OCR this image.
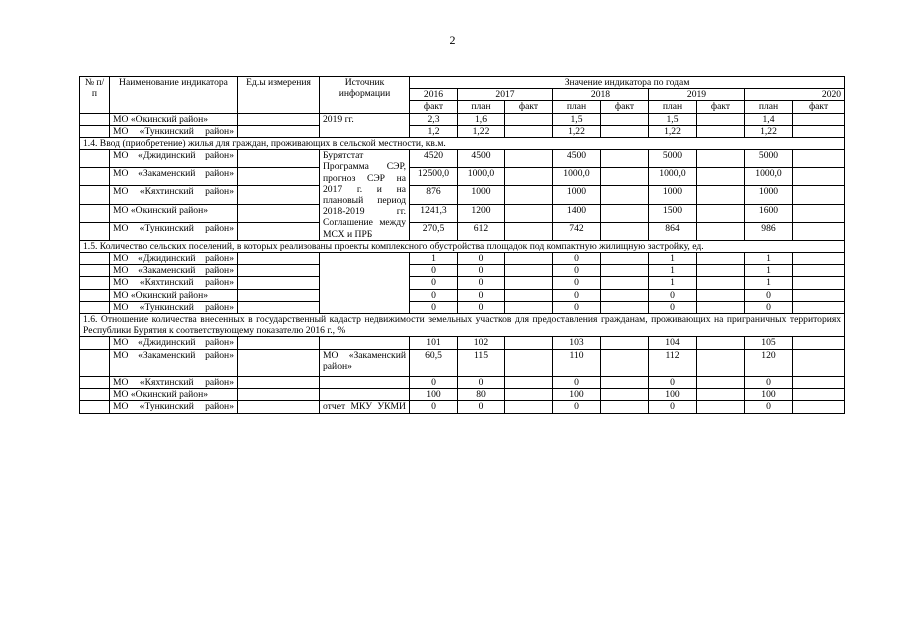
2
№ п/п	Наименование индикатора	Ед.ы измерения	Источник информации	Значение индикатора по годам								
				2016	2017		2018		2019		2020	
				факт	план	факт	план	факт	план	факт	план	факт
	МО «Окинский район»		2019 гг.	2,3	1,6		1,5		1,5		1,4	
	МО «Тункинский район»			1,2	1,22		1,22		1,22		1,22	
1.4. Ввод (приобретение) жилья для граждан, проживающих в сельской местности, кв.м.												
	МО «Джидинский район»		Бурятстат Программа СЭР, прогноз СЭР на 2017 г. и на плановый период 2018-2019 гг. Соглашение между МСХ и ПРБ	4520	4500		4500		5000		5000	
	МО «Закаменский район»			12500,0	1000,0		1000,0		1000,0		1000,0	
	МО «Кяхтинский район»			876	1000		1000		1000		1000	
	МО «Окинский район»			1241,3	1200		1400		1500		1600	
	МО «Тункинский район»			270,5	612		742		864		986	
1.5. Количество сельских поселений, в которых реализованы проекты комплексного обустройства площадок под компактную жилищную застройку, ед.												
	МО «Джидинский район»			1	0		0		1		1	
	МО «Закаменский район»			0	0		0		1		1	
	МО «Кяхтинский район»			0	0		0		1		1	
	МО «Окинский район»			0	0		0		0		0	
	МО «Тункинский район»			0	0		0		0		0	
1.6. Отношение количества внесенных в государственный кадастр недвижимости земельных участков для предоставления гражданам, проживающих на приграничных территориях Республики Бурятия к соответствующему показателю 2016 г., %												
	МО «Джидинский район»			101	102		103		104		105	
	МО «Закаменский район»		МО «Закаменский район»	60,5	115		110		112		120	
	МО «Кяхтинский район»			0	0		0		0		0	
	МО «Окинский район»			100	80		100		100		100	
	МО «Тункинский район»		отчет МКУ УКМИ	0	0		0		0		0	
